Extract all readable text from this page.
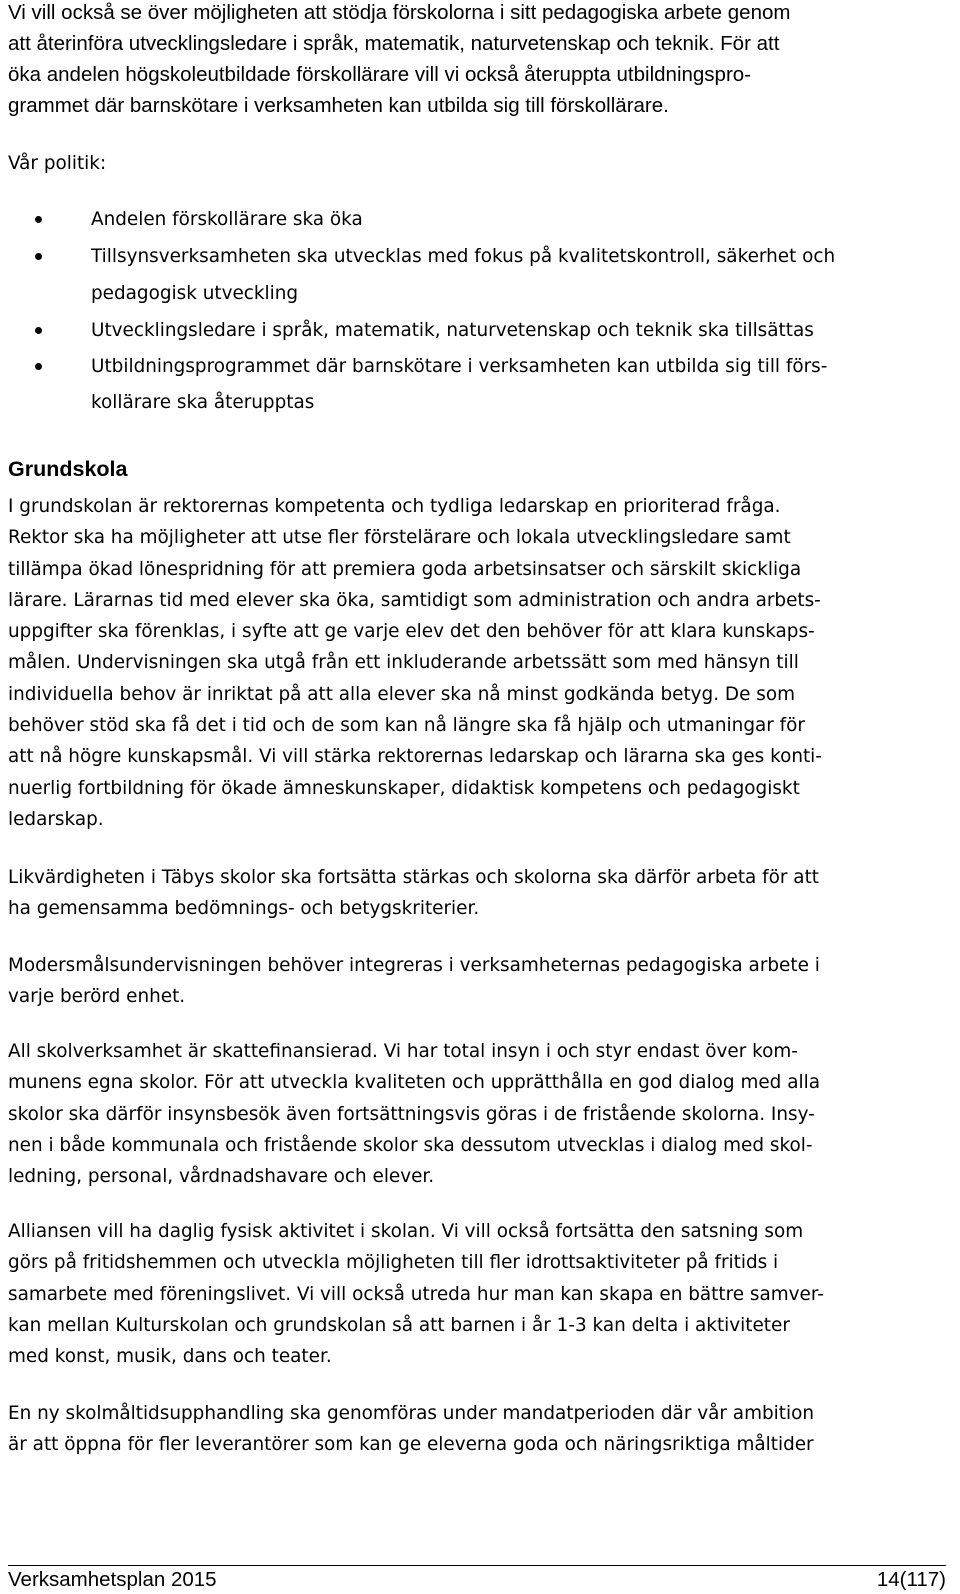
Vi vill också se över möjligheten att stödja förskolorna i sitt pedagogiska arbete genom
att återinföra utvecklingsledare i språk, matematik, naturvetenskap och teknik. För att
öka andelen högskoleutbildade förskollärare vill vi också återuppta utbildningspro-
grammet där barnskötare i verksamheten kan utbilda sig till förskollärare.

Vår politik:

Andelen förskollärare ska öka
Tillsynsverksamheten ska utvecklas med fokus på kvalitetskontroll, säkerhet och
pedagogisk utveckling
Utvecklingsledare i språk, matematik, naturvetenskap och teknik ska tillsättas
Utbildningsprogrammet där barnskötare i verksamheten kan utbilda sig till förs-
kollärare ska återupptas
Grundskola
I grundskolan är rektorernas kompetenta och tydliga ledarskap en prioriterad fråga.
Rektor ska ha möjligheter att utse fler förstelärare och lokala utvecklingsledare samt
tillämpa ökad lönespridning för att premiera goda arbetsinsatser och särskilt skickliga
lärare. Lärarnas tid med elever ska öka, samtidigt som administration och andra arbets-
uppgifter ska förenklas, i syfte att ge varje elev det den behöver för att klara kunskaps-
målen. Undervisningen ska utgå från ett inkluderande arbetssätt som med hänsyn till
individuella behov är inriktat på att alla elever ska nå minst godkända betyg. De som
behöver stöd ska få det i tid och de som kan nå längre ska få hjälp och utmaningar för
att nå högre kunskapsmål. Vi vill stärka rektorernas ledarskap och lärarna ska ges konti-
nuerlig fortbildning för ökade ämneskunskaper, didaktisk kompetens och pedagogiskt
ledarskap.
Likvärdigheten i Täbys skolor ska fortsätta stärkas och skolorna ska därför arbeta för att
ha gemensamma bedömnings- och betygskriterier.
Modersmålsundervisningen behöver integreras i verksamheternas pedagogiska arbete i
varje berörd enhet.
All skolverksamhet är skattefinansierad. Vi har total insyn i och styr endast över kom-
munens egna skolor. För att utveckla kvaliteten och upprätthålla en god dialog med alla
skolor ska därför insynsbesök även fortsättningsvis göras i de fristående skolorna. Insy-
nen i både kommunala och fristående skolor ska dessutom utvecklas i dialog med skol-
ledning, personal, vårdnadshavare och elever.
Alliansen vill ha daglig fysisk aktivitet i skolan. Vi vill också fortsätta den satsning som
görs på fritidshemmen och utveckla möjligheten till fler idrottsaktiviteter på fritids i
samarbete med föreningslivet. Vi vill också utreda hur man kan skapa en bättre samver-
kan mellan Kulturskolan och grundskolan så att barnen i år 1-3 kan delta i aktiviteter
med konst, musik, dans och teater.
En ny skolmåltidsupphandling ska genomföras under mandatperioden där vår ambition
är att öppna för fler leverantörer som kan ge eleverna goda och näringsriktiga måltider
Verksamhetsplan 2015	14(117)
